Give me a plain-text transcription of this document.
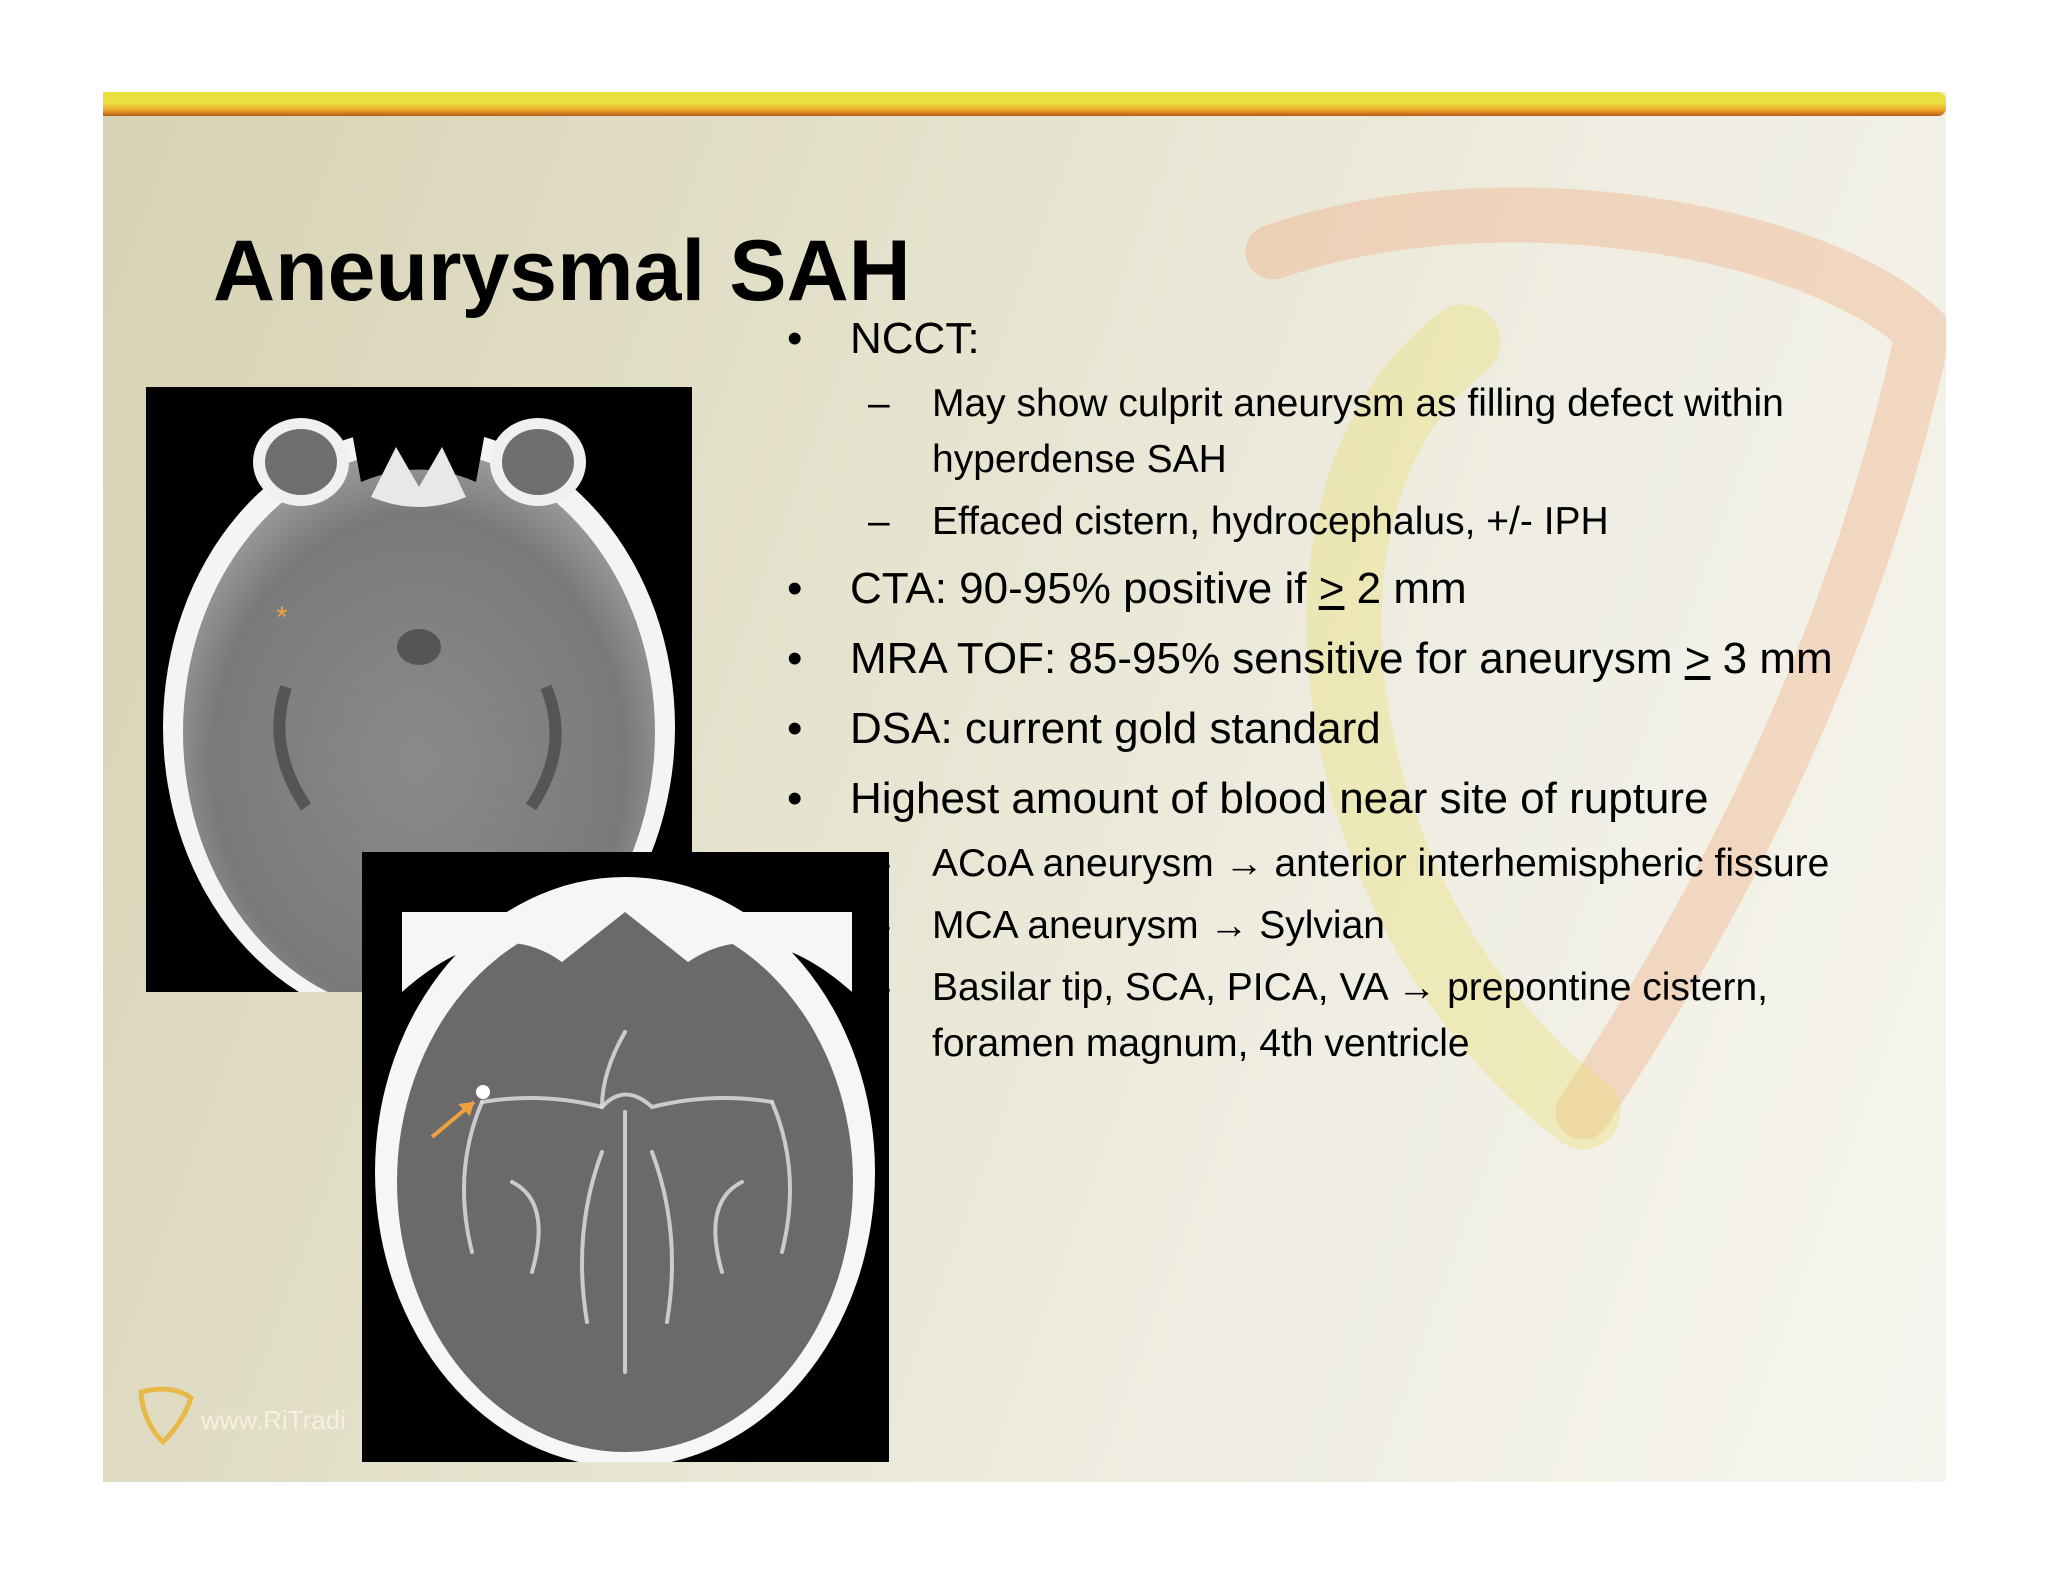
Aneurysmal SAH
*
www.RiTradi
• NCCT:
– May show culprit aneurysm as filling defect within hyperdense SAH
– Effaced cistern, hydrocephalus, +/- IPH
• CTA: 90-95% positive if > 2 mm
• MRA TOF: 85-95% sensitive for aneurysm > 3 mm
• DSA: current gold standard
• Highest amount of blood near site of rupture
– ACoA aneurysm → anterior interhemispheric fissure
– MCA aneurysm → Sylvian
– Basilar tip, SCA, PICA, VA → prepontine cistern, foramen magnum, 4th ventricle
